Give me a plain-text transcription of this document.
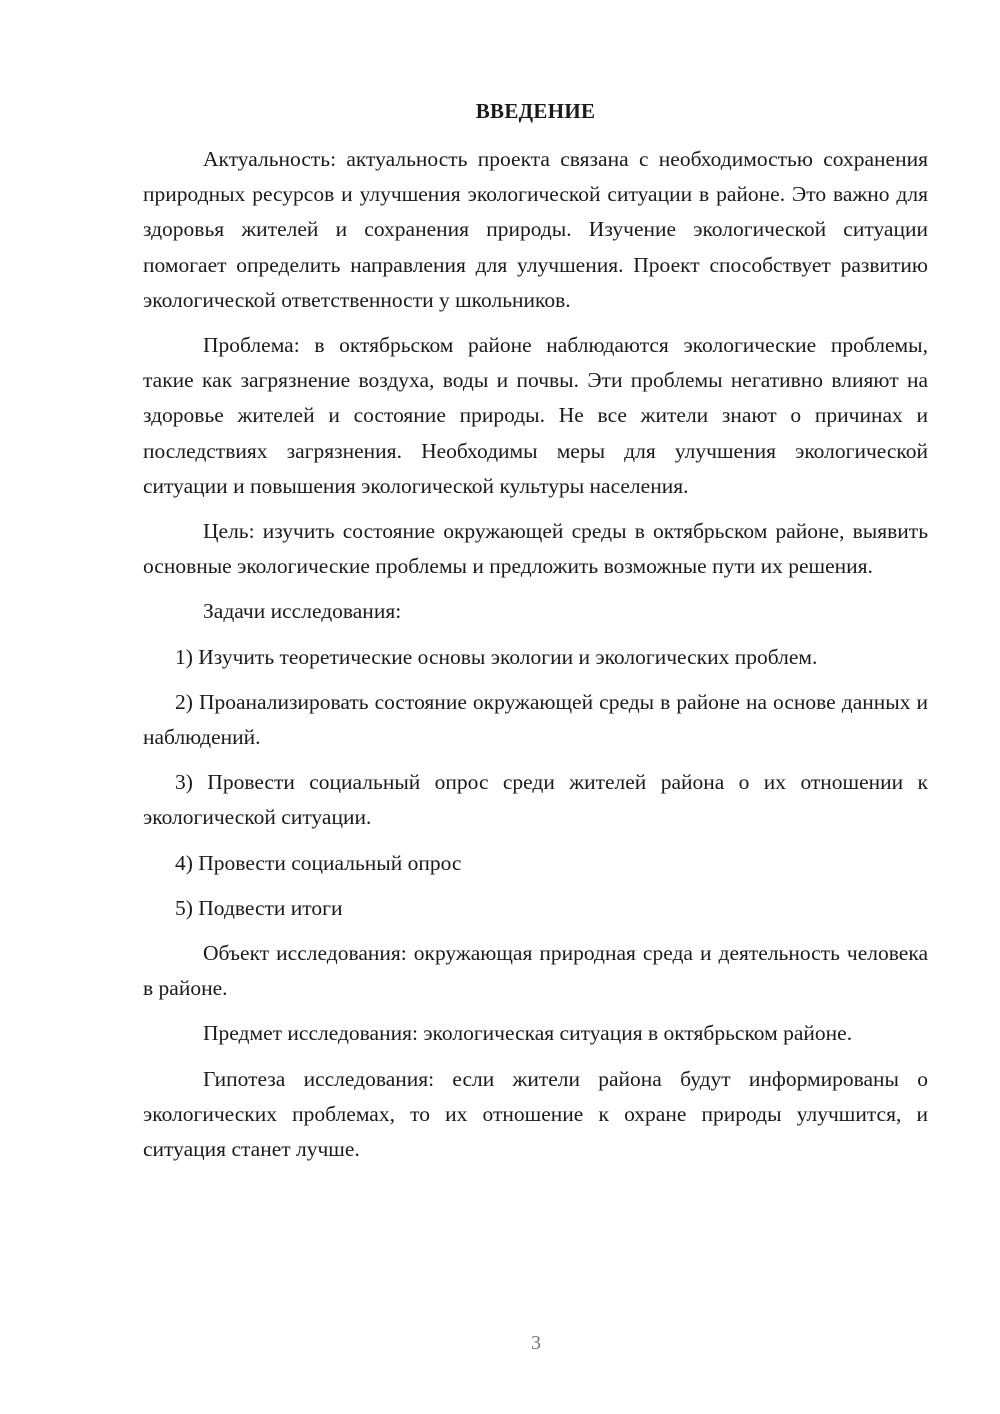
ВВЕДЕНИЕ

Актуальность: актуальность проекта связана с необходимостью сохранения природных ресурсов и улучшения экологической ситуации в районе. Это важно для здоровья жителей и сохранения природы. Изучение экологической ситуации помогает определить направления для улучшения. Проект способствует развитию экологической ответственности у школьников.

Проблема: в октябрьском районе наблюдаются экологические проблемы, такие как загрязнение воздуха, воды и почвы. Эти проблемы негативно влияют на здоровье жителей и состояние природы. Не все жители знают о причинах и последствиях загрязнения. Необходимы меры для улучшения экологической ситуации и повышения экологической культуры населения.

Цель: изучить состояние окружающей среды в октябрьском районе, выявить основные экологические проблемы и предложить возможные пути их решения.

Задачи исследования:

1) Изучить теоретические основы экологии и экологических проблем.

2) Проанализировать состояние окружающей среды в районе на основе данных и наблюдений.

3) Провести социальный опрос среди жителей района о их отношении к экологической ситуации.

4) Провести социальный опрос

5) Подвести итоги

Объект исследования: окружающая природная среда и деятельность человека в районе.

Предмет исследования: экологическая ситуация в октябрьском районе.

Гипотеза исследования: если жители района будут информированы о экологических проблемах, то их отношение к охране природы улучшится, и ситуация станет лучше.

3
